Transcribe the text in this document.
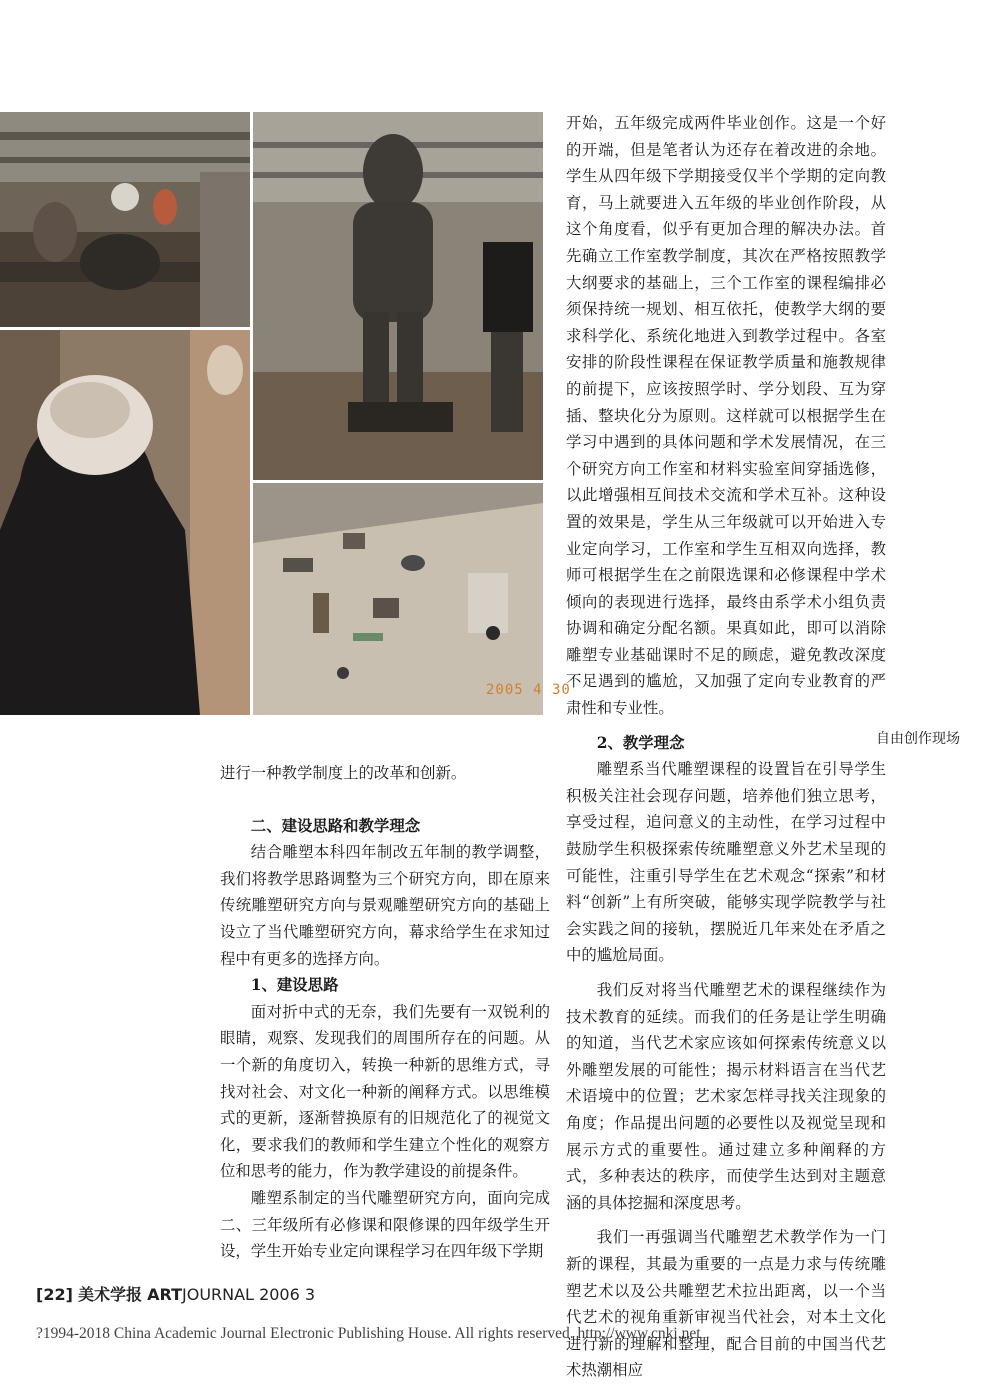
2005 4 30
自由创作现场

开始，五年级完成两件毕业创作。这是一个好的开端，但是笔者认为还存在着改进的余地。学生从四年级下学期接受仅半个学期的定向教育，马上就要进入五年级的毕业创作阶段，从这个角度看，似乎有更加合理的解决办法。首先确立工作室教学制度，其次在严格按照教学大纲要求的基础上，三个工作室的课程编排必须保持统一规划、相互依托，使教学大纲的要求科学化、系统化地进入到教学过程中。各室安排的阶段性课程在保证教学质量和施教规律的前提下，应该按照学时、学分划段、互为穿插、整块化分为原则。这样就可以根据学生在学习中遇到的具体问题和学术发展情况，在三个研究方向工作室和材料实验室间穿插选修，以此增强相互间技术交流和学术互补。这种设置的效果是，学生从三年级就可以开始进入专业定向学习，工作室和学生互相双向选择，教师可根据学生在之前限选课和必修课程中学术倾向的表现进行选择，最终由系学术小组负责协调和确定分配名额。果真如此，即可以消除雕塑专业基础课时不足的顾虑，避免教改深度不足遇到的尴尬，又加强了定向专业教育的严肃性和专业性。

2、教学理念

雕塑系当代雕塑课程的设置旨在引导学生积极关注社会现存问题，培养他们独立思考，享受过程，追问意义的主动性，在学习过程中鼓励学生积极探索传统雕塑意义外艺术呈现的可能性，注重引导学生在艺术观念“探索”和材料“创新”上有所突破，能够实现学院教学与社会实践之间的接轨，摆脱近几年来处在矛盾之中的尴尬局面。

我们反对将当代雕塑艺术的课程继续作为技术教育的延续。而我们的任务是让学生明确的知道，当代艺术家应该如何探索传统意义以外雕塑发展的可能性；揭示材料语言在当代艺术语境中的位置；艺术家怎样寻找关注现象的角度；作品提出问题的必要性以及视觉呈现和展示方式的重要性。通过建立多种阐释的方式，多种表达的秩序，而使学生达到对主题意涵的具体挖掘和深度思考。

我们一再强调当代雕塑艺术教学作为一门新的课程，其最为重要的一点是力求与传统雕塑艺术以及公共雕塑艺术拉出距离，以一个当代艺术的视角重新审视当代社会，对本土文化进行新的理解和整理，配合目前的中国当代艺术热潮相应

进行一种教学制度上的改革和创新。

二、建设思路和教学理念

结合雕塑本科四年制改五年制的教学调整，我们将教学思路调整为三个研究方向，即在原来传统雕塑研究方向与景观雕塑研究方向的基础上设立了当代雕塑研究方向，幕求给学生在求知过程中有更多的选择方向。

1、建设思路

面对折中式的无奈，我们先要有一双锐利的眼睛，观察、发现我们的周围所存在的问题。从一个新的角度切入，转换一种新的思维方式，寻找对社会、对文化一种新的阐释方式。以思维模式的更新，逐渐替换原有的旧规范化了的视觉文化，要求我们的教师和学生建立个性化的观察方位和思考的能力，作为教学建设的前提条件。

雕塑系制定的当代雕塑研究方向，面向完成二、三年级所有必修课和限修课的四年级学生开设，学生开始专业定向课程学习在四年级下学期

[22] 美术学报 ARTJOURNAL 2006 3
?1994-2018 China Academic Journal Electronic Publishing House. All rights reserved. http://www.cnki.net
